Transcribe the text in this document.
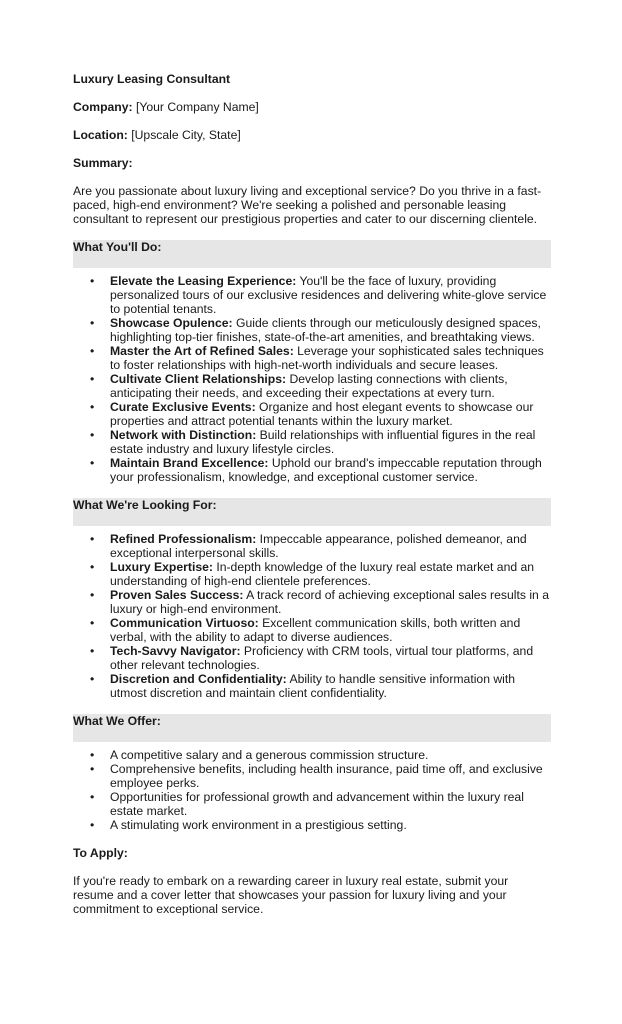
Luxury Leasing Consultant
Company: [Your Company Name]
Location: [Upscale City, State]
Summary:
Are you passionate about luxury living and exceptional service? Do you thrive in a fast-paced, high-end environment? We're seeking a polished and personable leasing consultant to represent our prestigious properties and cater to our discerning clientele.
What You'll Do:
• Elevate the Leasing Experience: You'll be the face of luxury, providing personalized tours of our exclusive residences and delivering white-glove service to potential tenants.
• Showcase Opulence: Guide clients through our meticulously designed spaces, highlighting top-tier finishes, state-of-the-art amenities, and breathtaking views.
• Master the Art of Refined Sales: Leverage your sophisticated sales techniques to foster relationships with high-net-worth individuals and secure leases.
• Cultivate Client Relationships: Develop lasting connections with clients, anticipating their needs, and exceeding their expectations at every turn.
• Curate Exclusive Events: Organize and host elegant events to showcase our properties and attract potential tenants within the luxury market.
• Network with Distinction: Build relationships with influential figures in the real estate industry and luxury lifestyle circles.
• Maintain Brand Excellence: Uphold our brand's impeccable reputation through your professionalism, knowledge, and exceptional customer service.
What We're Looking For:
• Refined Professionalism: Impeccable appearance, polished demeanor, and exceptional interpersonal skills.
• Luxury Expertise: In-depth knowledge of the luxury real estate market and an understanding of high-end clientele preferences.
• Proven Sales Success: A track record of achieving exceptional sales results in a luxury or high-end environment.
• Communication Virtuoso: Excellent communication skills, both written and verbal, with the ability to adapt to diverse audiences.
• Tech-Savvy Navigator: Proficiency with CRM tools, virtual tour platforms, and other relevant technologies.
• Discretion and Confidentiality: Ability to handle sensitive information with utmost discretion and maintain client confidentiality.
What We Offer:
• A competitive salary and a generous commission structure.
• Comprehensive benefits, including health insurance, paid time off, and exclusive employee perks.
• Opportunities for professional growth and advancement within the luxury real estate market.
• A stimulating work environment in a prestigious setting.
To Apply:
If you're ready to embark on a rewarding career in luxury real estate, submit your resume and a cover letter that showcases your passion for luxury living and your commitment to exceptional service.
